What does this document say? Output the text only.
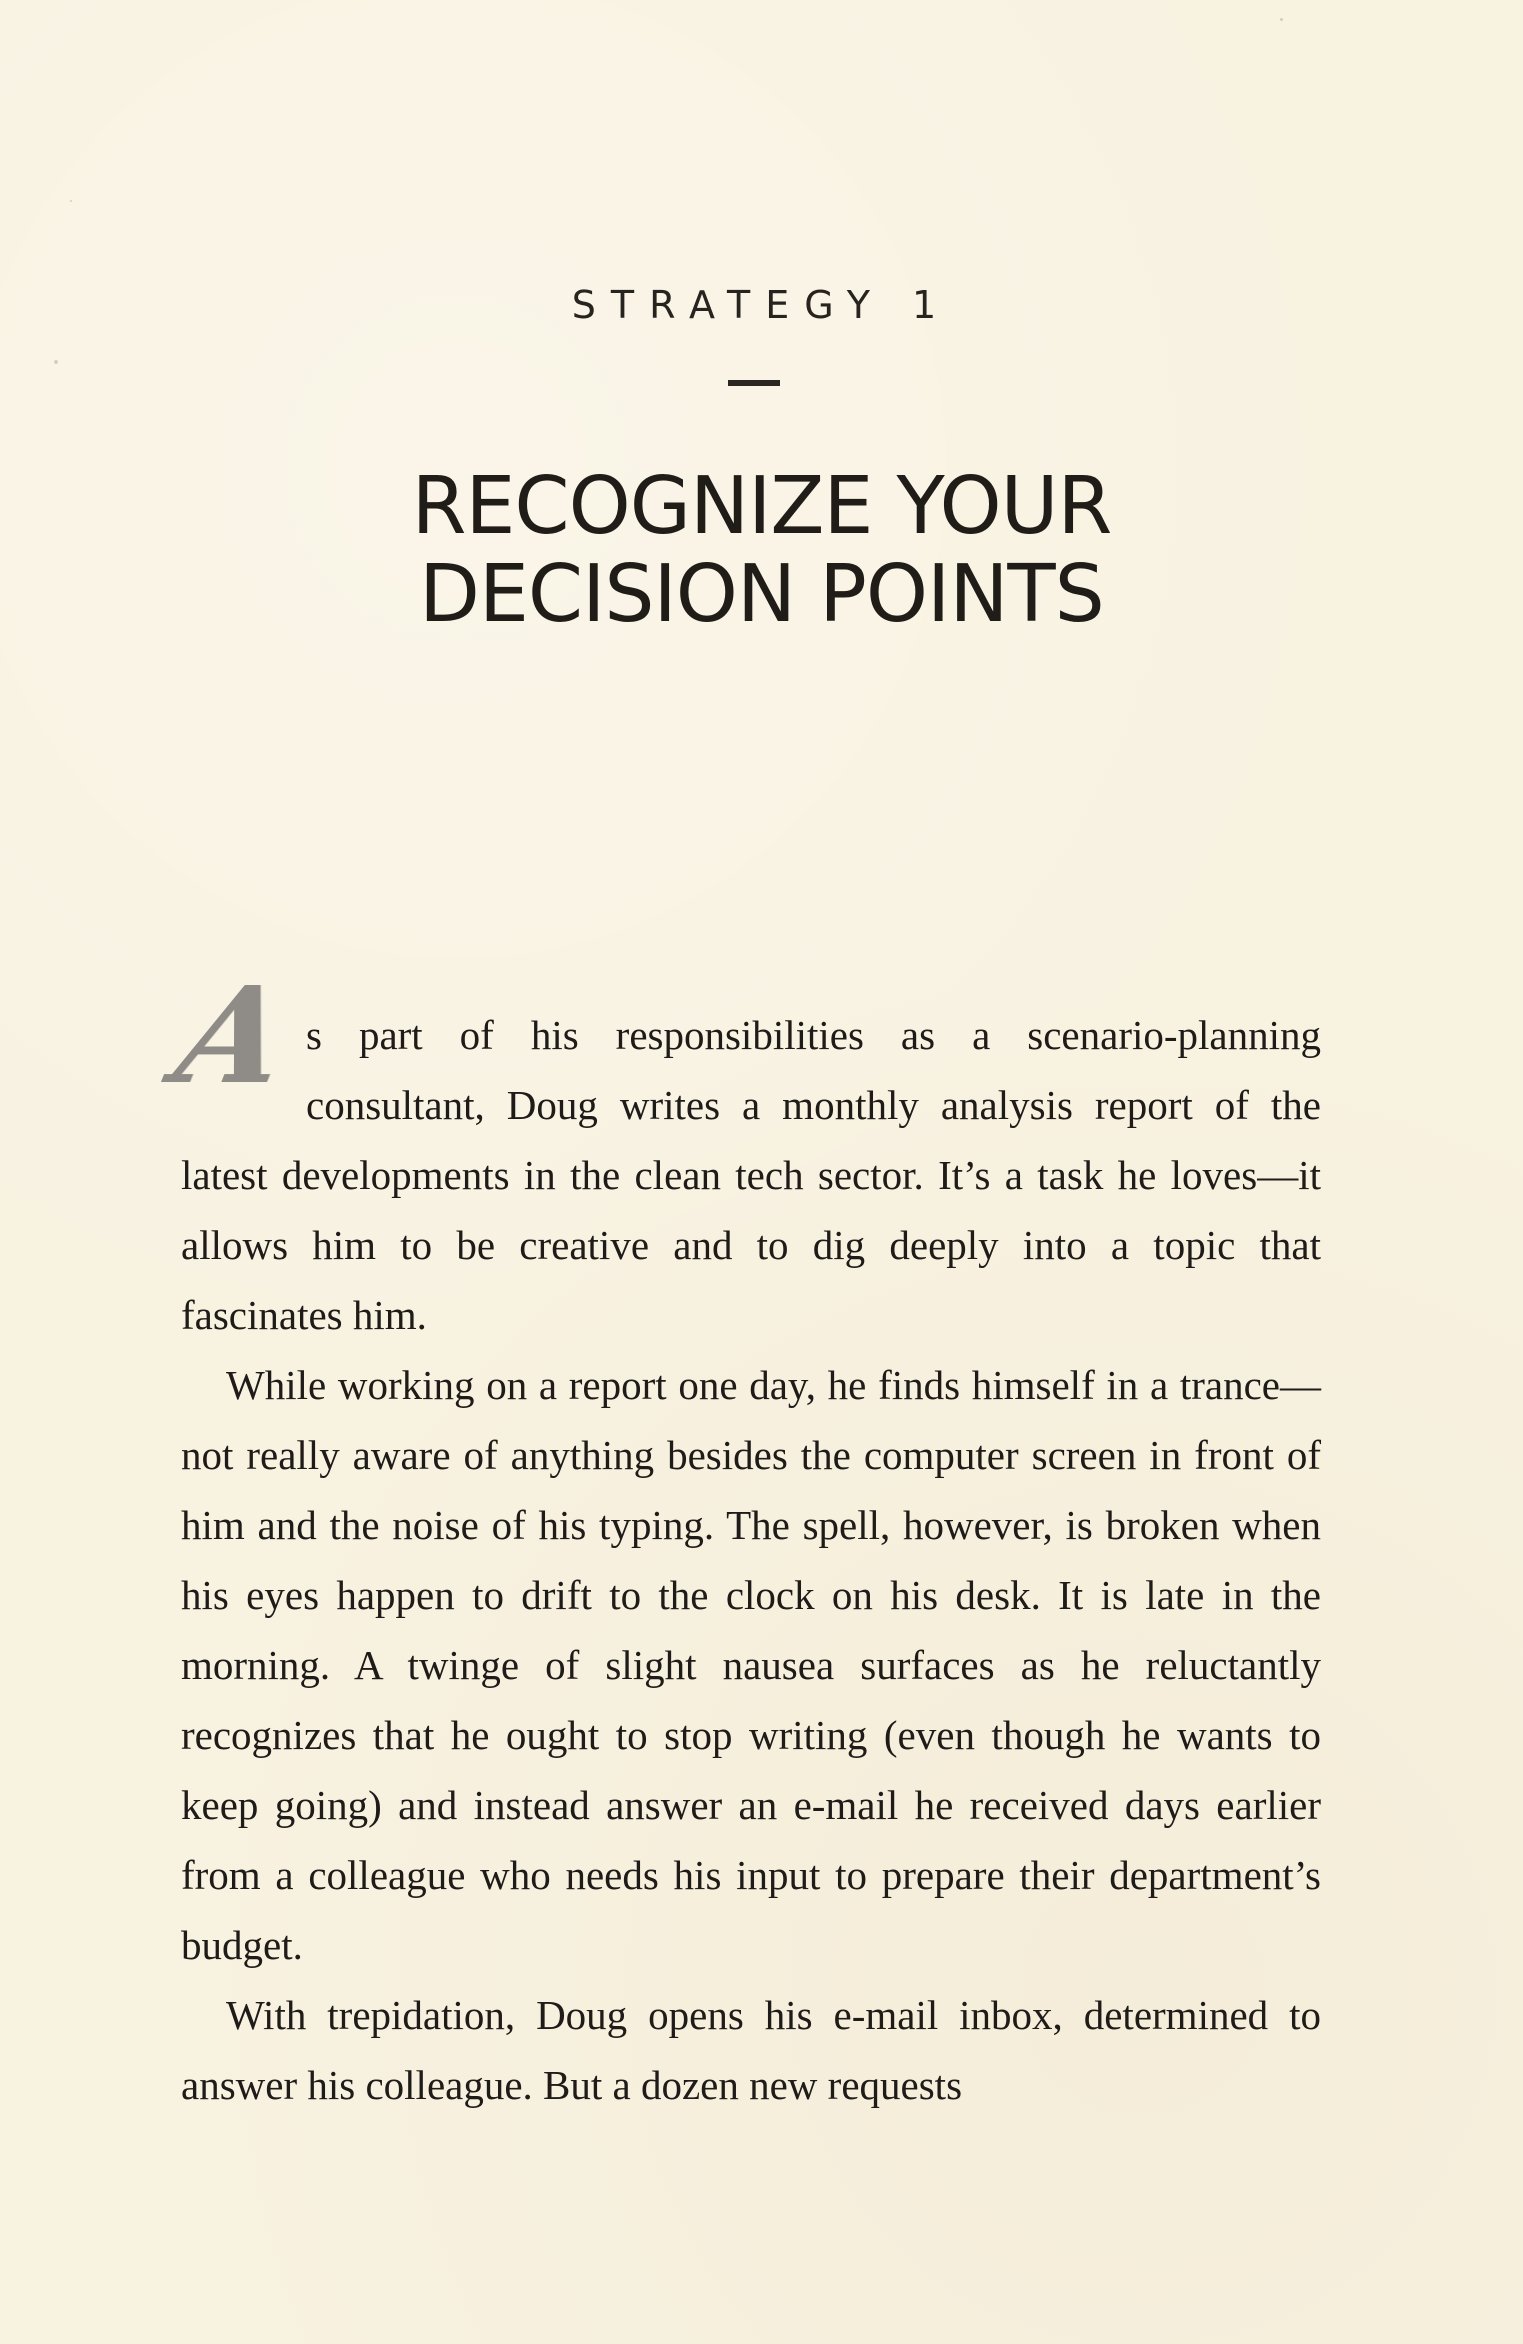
STRATEGY 1
RECOGNIZE YOUR
DECISION POINTS

A s part of his responsibilities as a scenario-planning consultant, Doug writes a monthly analysis report of the latest developments in the clean tech sector. It’s a task he loves—it allows him to be creative and to dig deeply into a topic that fascinates him.

While working on a report one day, he finds himself in a trance—not really aware of anything besides the computer screen in front of him and the noise of his typing. The spell, however, is broken when his eyes happen to drift to the clock on his desk. It is late in the morning. A twinge of slight nausea surfaces as he reluctantly recognizes that he ought to stop writing (even though he wants to keep going) and instead answer an e-mail he received days earlier from a colleague who needs his input to prepare their department’s budget.

With trepidation, Doug opens his e-mail inbox, determined to answer his colleague. But a dozen new requests
